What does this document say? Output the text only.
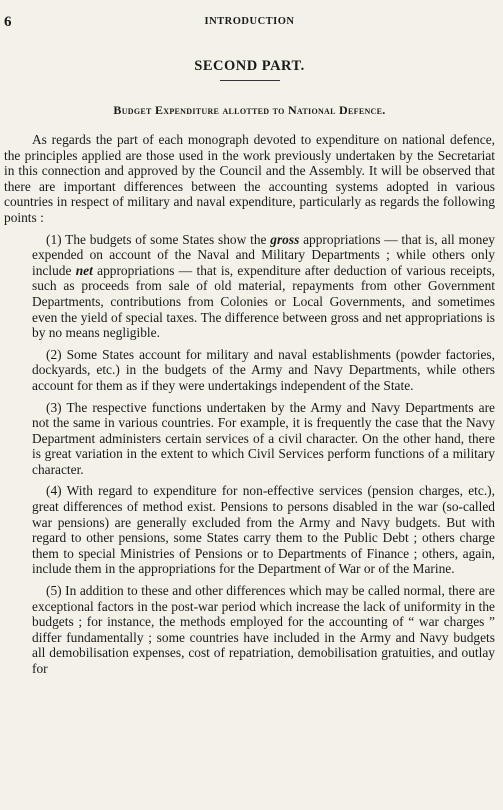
6	INTRODUCTION
SECOND PART.
Budget Expenditure allotted to National Defence.

As regards the part of each monograph devoted to expenditure on national defence, the principles applied are those used in the work previously undertaken by the Secretariat in this connection and approved by the Council and the Assembly. It will be observed that there are important differences between the accounting systems adopted in various countries in respect of military and naval expenditure, particularly as regards the following points :

(1) The budgets of some States show the gross appropriations — that is, all money expended on account of the Naval and Military Departments ; while others only include net appropriations — that is, expenditure after deduction of various receipts, such as proceeds from sale of old material, repayments from other Government Departments, contributions from Colonies or Local Governments, and sometimes even the yield of special taxes. The difference between gross and net appropriations is by no means negligible.

(2) Some States account for military and naval establishments (powder factories, dockyards, etc.) in the budgets of the Army and Navy Departments, while others account for them as if they were undertakings independent of the State.

(3) The respective functions undertaken by the Army and Navy Departments are not the same in various countries. For example, it is frequently the case that the Navy Department administers certain services of a civil character. On the other hand, there is great variation in the extent to which Civil Services perform functions of a military character.

(4) With regard to expenditure for non-effective services (pension charges, etc.), great differences of method exist. Pensions to persons disabled in the war (so-called war pensions) are generally excluded from the Army and Navy budgets. But with regard to other pensions, some States carry them to the Public Debt ; others charge them to special Ministries of Pensions or to Departments of Finance ; others, again, include them in the appropriations for the Department of War or of the Marine.

(5) In addition to these and other differences which may be called normal, there are exceptional factors in the post-war period which increase the lack of uniformity in the budgets ; for instance, the methods employed for the accounting of “ war charges ” differ fundamentally ; some countries have included in the Army and Navy budgets all demobilisation expenses, cost of repatriation, demobilisation gratuities, and outlay for
